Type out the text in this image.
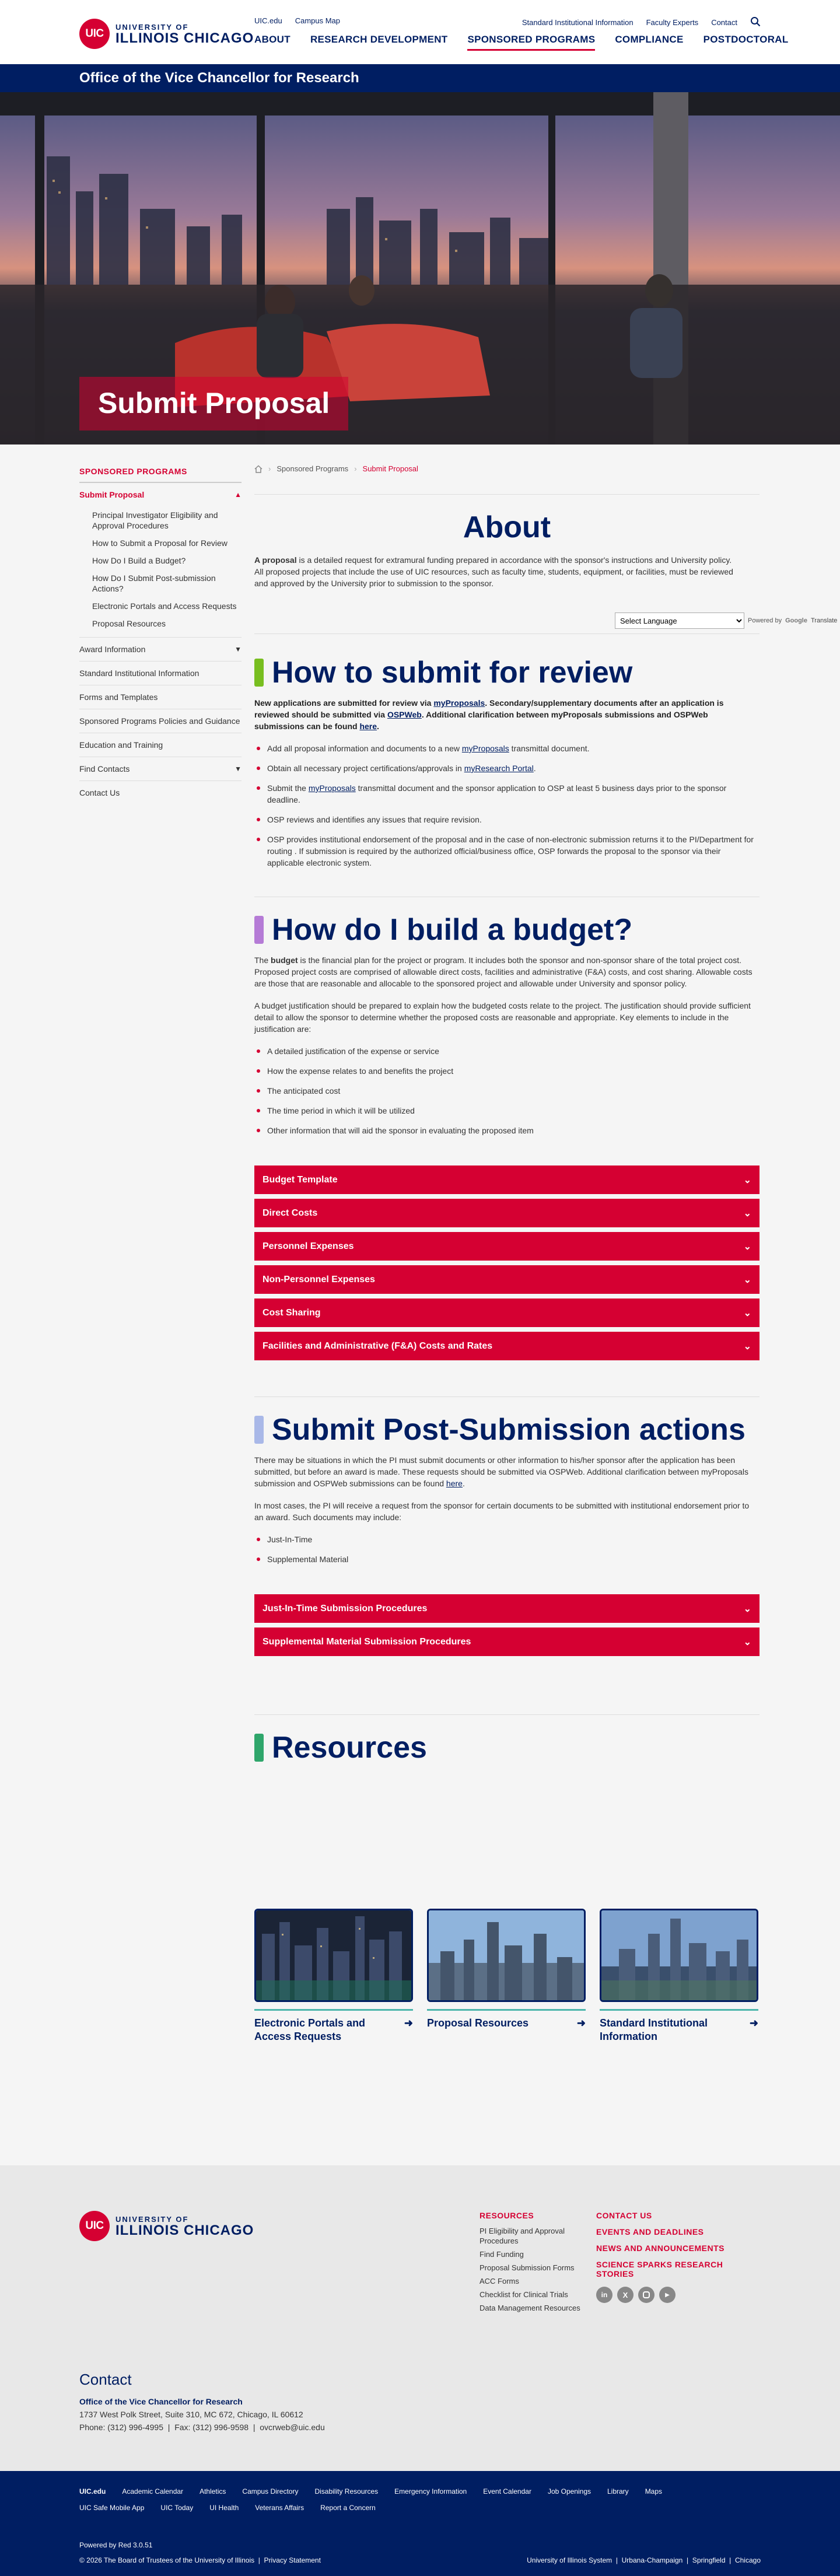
UIC
UNIVERSITY OF
ILLINOIS CHICAGO
UIC.edu Campus Map	Standard Institutional Information Faculty Experts Contact
ABOUT RESEARCH DEVELOPMENT SPONSORED PROGRAMS COMPLIANCE POSTDOCTORAL
Office of the Vice Chancellor for Research
Submit Proposal
SPONSORED PROGRAMS
Submit Proposal	▲
Principal Investigator Eligibility and Approval Procedures
How to Submit a Proposal for Review
How Do I Build a Budget?
How Do I Submit Post-submission Actions?
Electronic Portals and Access Requests
Proposal Resources
Award Information	▼
Standard Institutional Information
Forms and Templates
Sponsored Programs Policies and Guidance
Education and Training
Find Contacts	▼
Contact Us
› Sponsored Programs › Submit Proposal
About

A proposal is a detailed request for extramural funding prepared in accordance with the sponsor's instructions and University policy. All proposed projects that include the use of UIC resources, such as faculty time, students, equipment, or facilities, must be reviewed and approved by the University prior to submission to the sponsor.

How to submit for review

New applications are submitted for review via myProposals. Secondary/supplementary documents after an application is reviewed should be submitted via OSPWeb. Additional clarification between myProposals submissions and OSPWeb submissions can be found here.

Add all proposal information and documents to a new myProposals transmittal document.
Obtain all necessary project certifications/approvals in myResearch Portal.
Submit the myProposals transmittal document and the sponsor application to OSP at least 5 business days prior to the sponsor deadline.
OSP reviews and identifies any issues that require revision.
OSP provides institutional endorsement of the proposal and in the case of non-electronic submission returns it to the PI/Department for routing . If submission is required by the authorized official/business office, OSP forwards the proposal to the sponsor via their applicable electronic system.
How do I build a budget?

The budget is the financial plan for the project or program. It includes both the sponsor and non-sponsor share of the total project cost. Proposed project costs are comprised of allowable direct costs, facilities and administrative (F&A) costs, and cost sharing. Allowable costs are those that are reasonable and allocable to the sponsored project and allowable under University and sponsor policy.

A budget justification should be prepared to explain how the budgeted costs relate to the project. The justification should provide sufficient detail to allow the sponsor to determine whether the proposed costs are reasonable and appropriate. Key elements to include in the justification are:

A detailed justification of the expense or service
How the expense relates to and benefits the project
The anticipated cost
The time period in which it will be utilized
Other information that will aid the sponsor in evaluating the proposed item
Budget Template	⌄
Direct Costs	⌄
Personnel Expenses	⌄
Non-Personnel Expenses	⌄
Cost Sharing	⌄
Facilities and Administrative (F&A) Costs and Rates	⌄
Submit Post-Submission actions

There may be situations in which the PI must submit documents or other information to his/her sponsor after the application has been submitted, but before an award is made. These requests should be submitted via OSPWeb. Additional clarification between myProposals submission and OSPWeb submissions can be found here.

In most cases, the PI will receive a request from the sponsor for certain documents to be submitted with institutional endorsement prior to an award. Such documents may include:

Just-In-Time
Supplemental Material
Just-In-Time Submission Procedures	⌄
Supplemental Material Submission Procedures	⌄
Resources
Electronic Portals and Access Requests
➜ Proposal Resources	➜ Standard Institutional Information
➜
Select Language
Powered by Google Translate
UIC
UNIVERSITY OF
ILLINOIS CHICAGO
RESOURCES
PI Eligibility and Approval Procedures
Find Funding
Proposal Submission Forms
ACC Forms
Checklist for Clinical Trials
Data Management Resources
CONTACT US
EVENTS AND DEADLINES
NEWS AND ANNOUNCEMENTS
SCIENCE SPARKS RESEARCH STORIES
in	X	▶
Contact
Office of the Vice Chancellor for Research
1737 West Polk Street, Suite 310, MC 672, Chicago, IL 60612
Phone: (312) 996-4995  |  Fax: (312) 996-9598  |  ovcrweb@uic.edu
UIC.edu Academic Calendar Athletics Campus Directory Disability Resources Emergency Information Event Calendar Job Openings Library Maps
UIC Safe Mobile App UIC Today UI Health Veterans Affairs Report a Concern
Powered by Red 3.0.51
© 2026 The Board of Trustees of the University of Illinois  |  Privacy Statement	University of Illinois System  |  Urbana-Champaign  |  Springfield  |  Chicago
